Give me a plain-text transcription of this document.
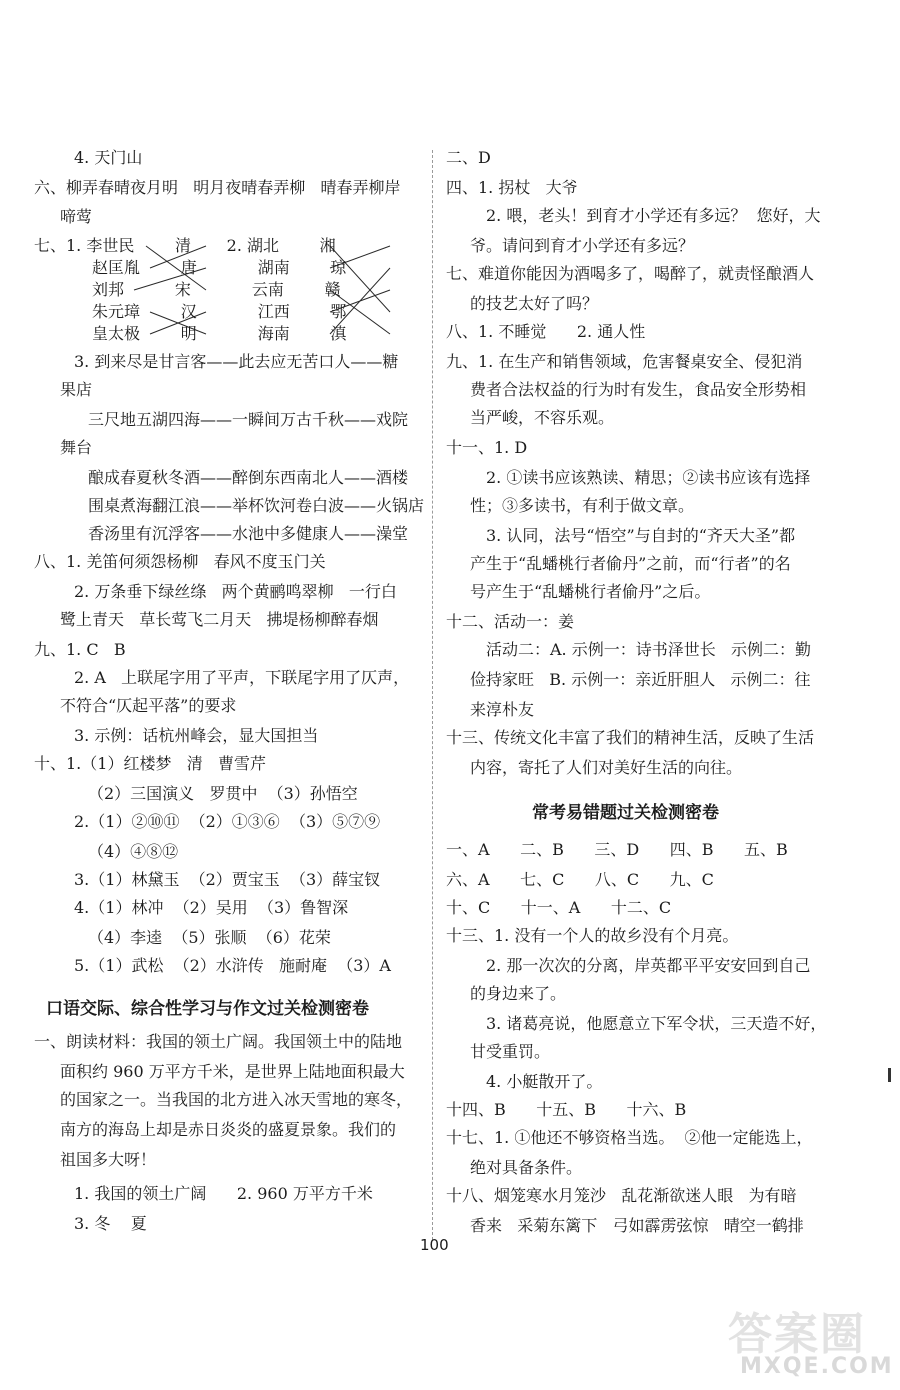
100
答案圈
MXQE.COM
4. 天门山
六、柳弄春晴夜月明   明月夜晴春弄柳   晴春弄柳岸
啼莺
七、1. 李世民        清       2. 湖北        湘
赵匡胤        唐            湖南        琼
刘邦          宋            云南        赣
朱元璋        汉            江西        鄂
皇太极        明            海南        滇
3. 到来尽是甘言客——此去应无苦口人——糖
果店
三尺地五湖四海——一瞬间万古千秋——戏院
舞台
酿成春夏秋冬酒——醉倒东西南北人——酒楼
围桌煮海翻江浪——举杯饮河卷白波——火锅店
香汤里有沉浮客——水池中多健康人——澡堂
八、1. 羌笛何须怨杨柳   春风不度玉门关
2. 万条垂下绿丝绦   两个黄鹂鸣翠柳   一行白
鹭上青天   草长莺飞二月天   拂堤杨柳醉春烟
九、1. C   B
2. A   上联尾字用了平声，下联尾字用了仄声，
不符合“仄起平落”的要求
3. 示例：话杭州峰会，显大国担当
十、1.（1）红楼梦   清   曹雪芹
（2）三国演义   罗贯中  （3）孙悟空
2.（1）②⑩⑪  （2）①③⑥  （3）⑤⑦⑨
（4）④⑧⑫
3.（1）林黛玉  （2）贾宝玉  （3）薛宝钗
4.（1）林冲  （2）吴用  （3）鲁智深
（4）李逵  （5）张顺  （6）花荣
5.（1）武松  （2）水浒传   施耐庵  （3）A
一、朗读材料：我国的领土广阔。我国领土中的陆地
面积约 960 万平方千米，是世界上陆地面积最大
的国家之一。当我国的北方进入冰天雪地的寒冬，
南方的海岛上却是赤日炎炎的盛夏景象。我们的
祖国多大呀！
1. 我国的领土广阔      2. 960 万平方千米
3. 冬    夏
二、D
四、1. 拐杖   大爷
2. 喂，老头！到育才小学还有多远？  您好，大
爷。请问到育才小学还有多远？
七、难道你能因为酒喝多了，喝醉了，就责怪酿酒人
的技艺太好了吗？
八、1. 不睡觉      2. 通人性
九、1. 在生产和销售领域，危害餐桌安全、侵犯消
费者合法权益的行为时有发生，食品安全形势相
当严峻，不容乐观。
十一、1. D
2. ①读书应该熟读、精思；②读书应该有选择
性；③多读书，有利于做文章。
3. 认同，法号“悟空”与自封的“齐天大圣”都
产生于“乱蟠桃行者偷丹”之前，而“行者”的名
号产生于“乱蟠桃行者偷丹”之后。
十二、活动一：姜
活动二：A. 示例一：诗书泽世长   示例二：勤
俭持家旺   B. 示例一：亲近肝胆人   示例二：往
来淳朴友
十三、传统文化丰富了我们的精神生活，反映了生活
内容，寄托了人们对美好生活的向往。
一、A      二、B      三、D      四、B      五、B
六、A      七、C      八、C      九、C
十、C      十一、A      十二、C
十三、1. 没有一个人的故乡没有个月亮。
2. 那一次次的分离，岸英都平平安安回到自己
的身边来了。
3. 诸葛亮说，他愿意立下军令状，三天造不好，
甘受重罚。
4. 小艇散开了。
十四、B      十五、B      十六、B
十七、1. ①他还不够资格当选。  ②他一定能选上，
绝对具备条件。
十八、烟笼寒水月笼沙   乱花渐欲迷人眼   为有暗
香来   采菊东篱下   弓如霹雳弦惊   晴空一鹤排
口语交际、综合性学习与作文过关检测密卷
常考易错题过关检测密卷
